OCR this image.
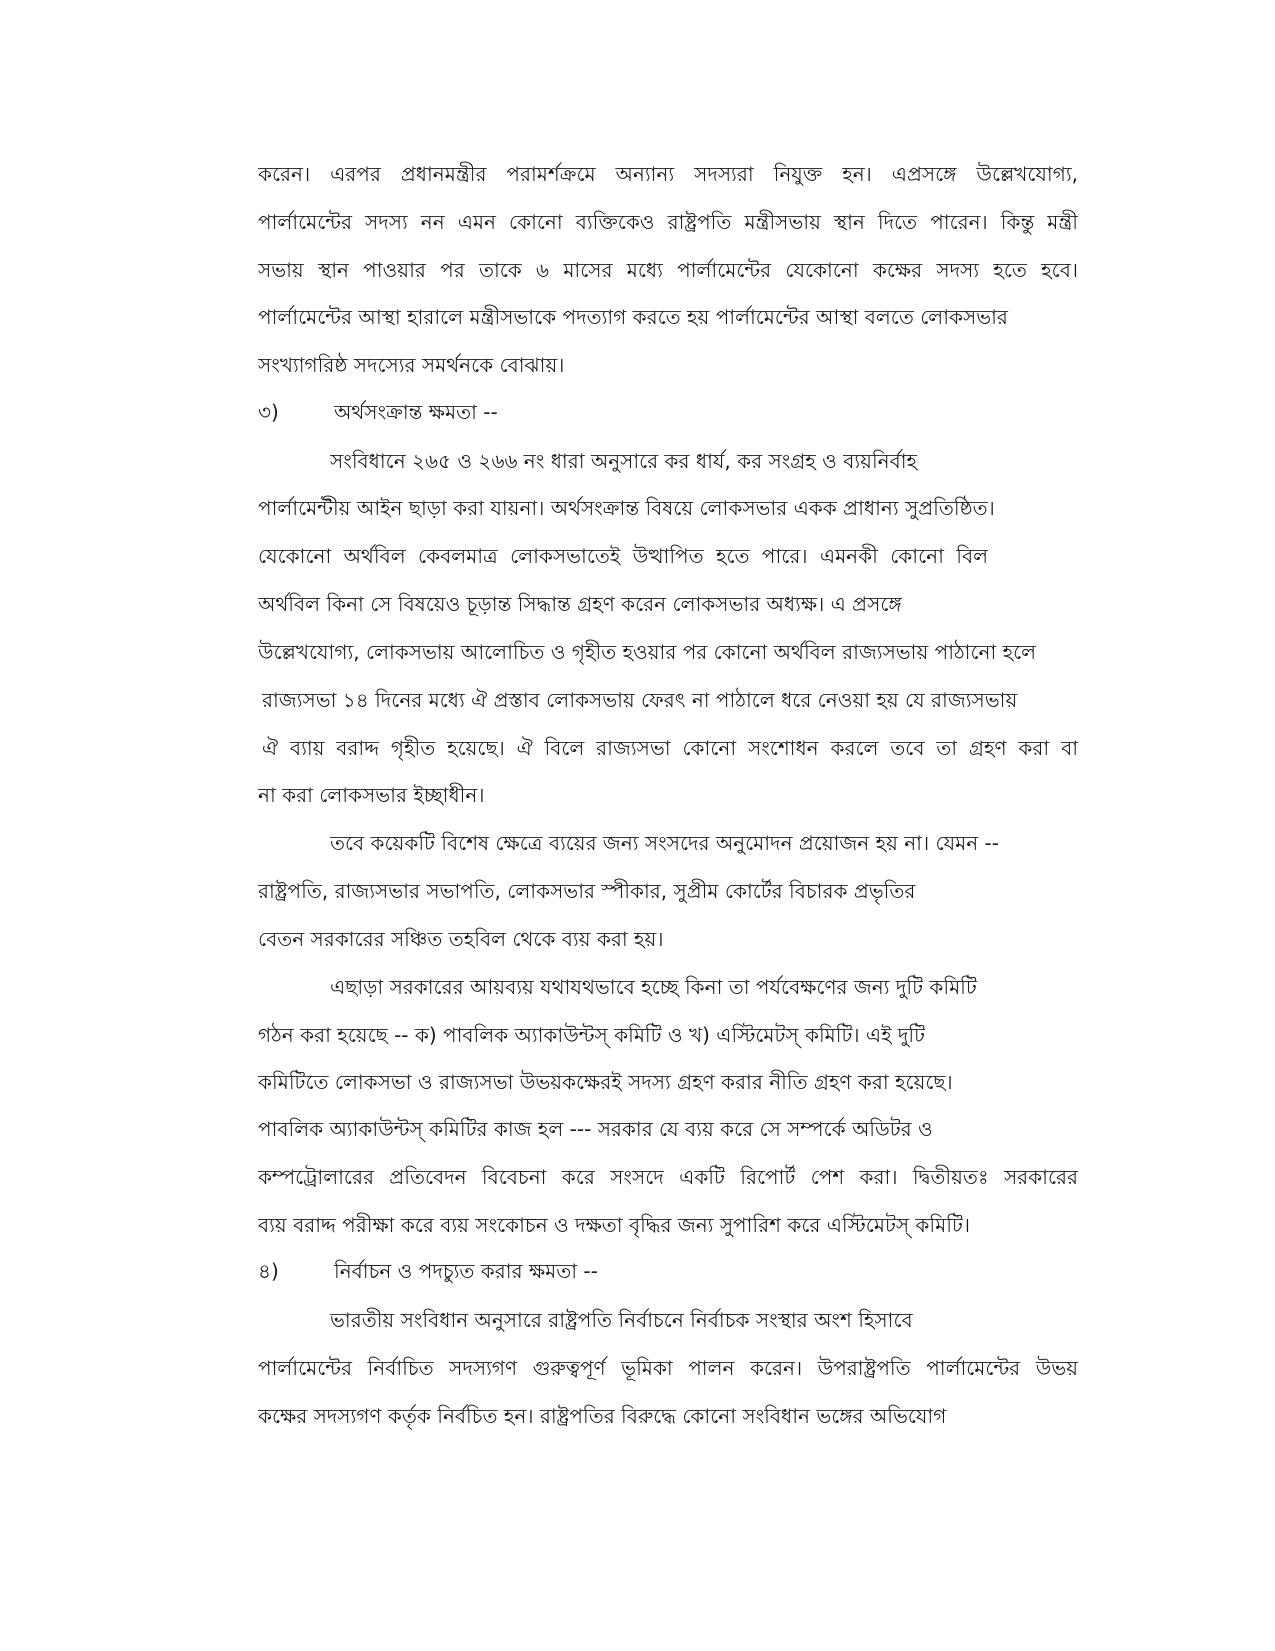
করেন। এরপর প্রধানমন্ত্রীর পরামর্শক্রমে অন্যান্য সদস্যরা নিযুক্ত হন। এপ্রসঙ্গে উল্লেখযোগ্য,
পার্লামেন্টের সদস্য নন এমন কোনো ব্যক্তিকেও রাষ্ট্রপতি মন্ত্রীসভায় স্থান দিতে পারেন। কিন্তু মন্ত্রী
সভায় স্থান পাওয়ার পর তাকে ৬ মাসের মধ্যে পার্লামেন্টের যেকোনো কক্ষের সদস্য হতে হবে।
পার্লামেন্টের আস্থা হারালে মন্ত্রীসভাকে পদত্যাগ করতে হয় পার্লামেন্টের আস্থা বলতে লোকসভার
সংখ্যাগরিষ্ঠ সদস্যের সমর্থনকে বোঝায়।
৩)	অর্থসংক্রান্ত ক্ষমতা --
সংবিধানে ২৬৫ ও ২৬৬ নং ধারা অনুসারে কর ধার্য, কর সংগ্রহ ও ব্যয়নির্বাহ
পার্লামেন্টীয় আইন ছাড়া করা যায়না। অর্থসংক্রান্ত বিষয়ে লোকসভার একক প্রাধান্য সুপ্রতিষ্ঠিত।
যেকোনো অর্থবিল কেবলমাত্র লোকসভাতেই উত্থাপিত হতে পারে। এমনকী কোনো বিল
অর্থবিল কিনা সে বিষয়েও চূড়ান্ত সিদ্ধান্ত গ্রহণ করেন লোকসভার অধ্যক্ষ। এ প্রসঙ্গে
উল্লেখযোগ্য, লোকসভায় আলোচিত ও গৃহীত হওয়ার পর কোনো অর্থবিল রাজ্যসভায় পাঠানো হলে
রাজ্যসভা ১৪ দিনের মধ্যে ঐ প্রস্তাব লোকসভায় ফেরৎ না পাঠালে ধরে নেওয়া হয় যে রাজ্যসভায়
ঐ ব্যায় বরাদ্দ গৃহীত হয়েছে। ঐ বিলে রাজ্যসভা কোনো সংশোধন করলে তবে তা গ্রহণ করা বা
না করা লোকসভার ইচ্ছাধীন।
তবে কয়েকটি বিশেষ ক্ষেত্রে ব্যয়ের জন্য সংসদের অনুমোদন প্রয়োজন হয় না। যেমন --
রাষ্ট্রপতি, রাজ্যসভার সভাপতি, লোকসভার স্পীকার, সুপ্রীম কোর্টের বিচারক প্রভৃতির
বেতন সরকারের সঞ্চিত তহবিল থেকে ব্যয় করা হয়।
এছাড়া সরকারের আয়ব্যয় যথাযথভাবে হচ্ছে কিনা তা পর্যবেক্ষণের জন্য দুটি কমিটি
গঠন করা হয়েছে -- ক) পাবলিক অ্যাকাউন্টস্ কমিটি ও খ) এস্টিমেটস্ কমিটি। এই দুটি
কমিটিতে লোকসভা ও রাজ্যসভা উভয়কক্ষেরই সদস্য গ্রহণ করার নীতি গ্রহণ করা হয়েছে।
পাবলিক অ্যাকাউন্টস্ কমিটির কাজ হল --- সরকার যে ব্যয় করে সে সম্পর্কে অডিটর ও
কম্পট্রোলারের প্রতিবেদন বিবেচনা করে সংসদে একটি রিপোর্ট পেশ করা। দ্বিতীয়তঃ সরকারের
ব্যয় বরাদ্দ পরীক্ষা করে ব্যয় সংকোচন ও দক্ষতা বৃদ্ধির জন্য সুপারিশ করে এস্টিমেটস্ কমিটি।
৪)	নির্বাচন ও পদচ্যুত করার ক্ষমতা --
ভারতীয় সংবিধান অনুসারে রাষ্ট্রপতি নির্বাচনে নির্বাচক সংস্থার অংশ হিসাবে
পার্লামেন্টের নির্বাচিত সদস্যগণ গুরুত্বপূর্ণ ভূমিকা পালন করেন। উপরাষ্ট্রপতি পার্লামেন্টের উভয়
কক্ষের সদস্যগণ কর্তৃক নির্বচিত হন। রাষ্ট্রপতির বিরুদ্ধে কোনো সংবিধান ভঙ্গের অভিযোগ
